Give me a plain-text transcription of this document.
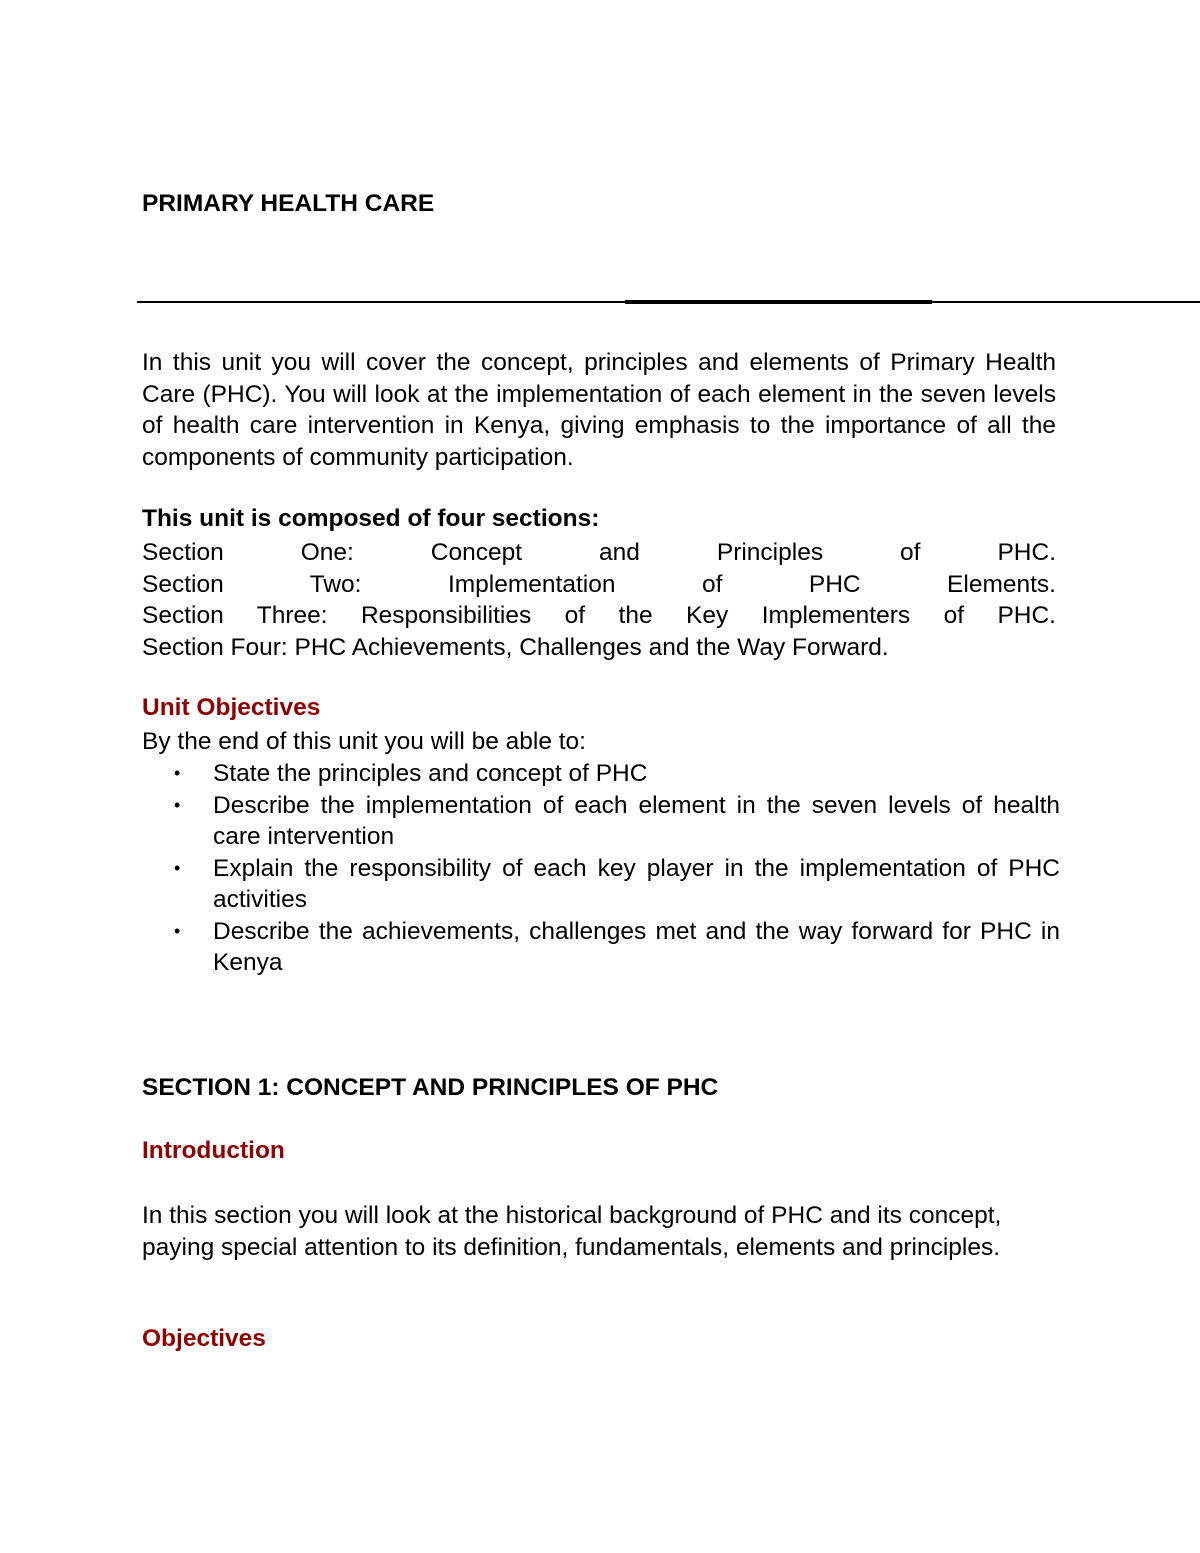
PRIMARY HEALTH CARE

In this unit you will cover the concept, principles and elements of Primary Health Care (PHC). You will look at the implementation of each element in the seven levels of health care intervention in Kenya, giving emphasis to the importance of all the components of community participation.

This unit is composed of four sections:

Section One: Concept and Principles of PHC.
Section Two: Implementation of PHC Elements.
Section Three: Responsibilities of the Key Implementers of PHC.
Section Four: PHC Achievements, Challenges and the Way Forward.
Unit Objectives

By the end of this unit you will be able to:

• State the principles and concept of PHC
• Describe the implementation of each element in the seven levels of health care intervention
• Explain the responsibility of each key player in the implementation of PHC activities
• Describe the achievements, challenges met and the way forward for PHC in Kenya
SECTION 1: CONCEPT AND PRINCIPLES OF PHC
Introduction

In this section you will look at the historical background of PHC and its concept, paying special attention to its definition, fundamentals, elements and principles.

Objectives
